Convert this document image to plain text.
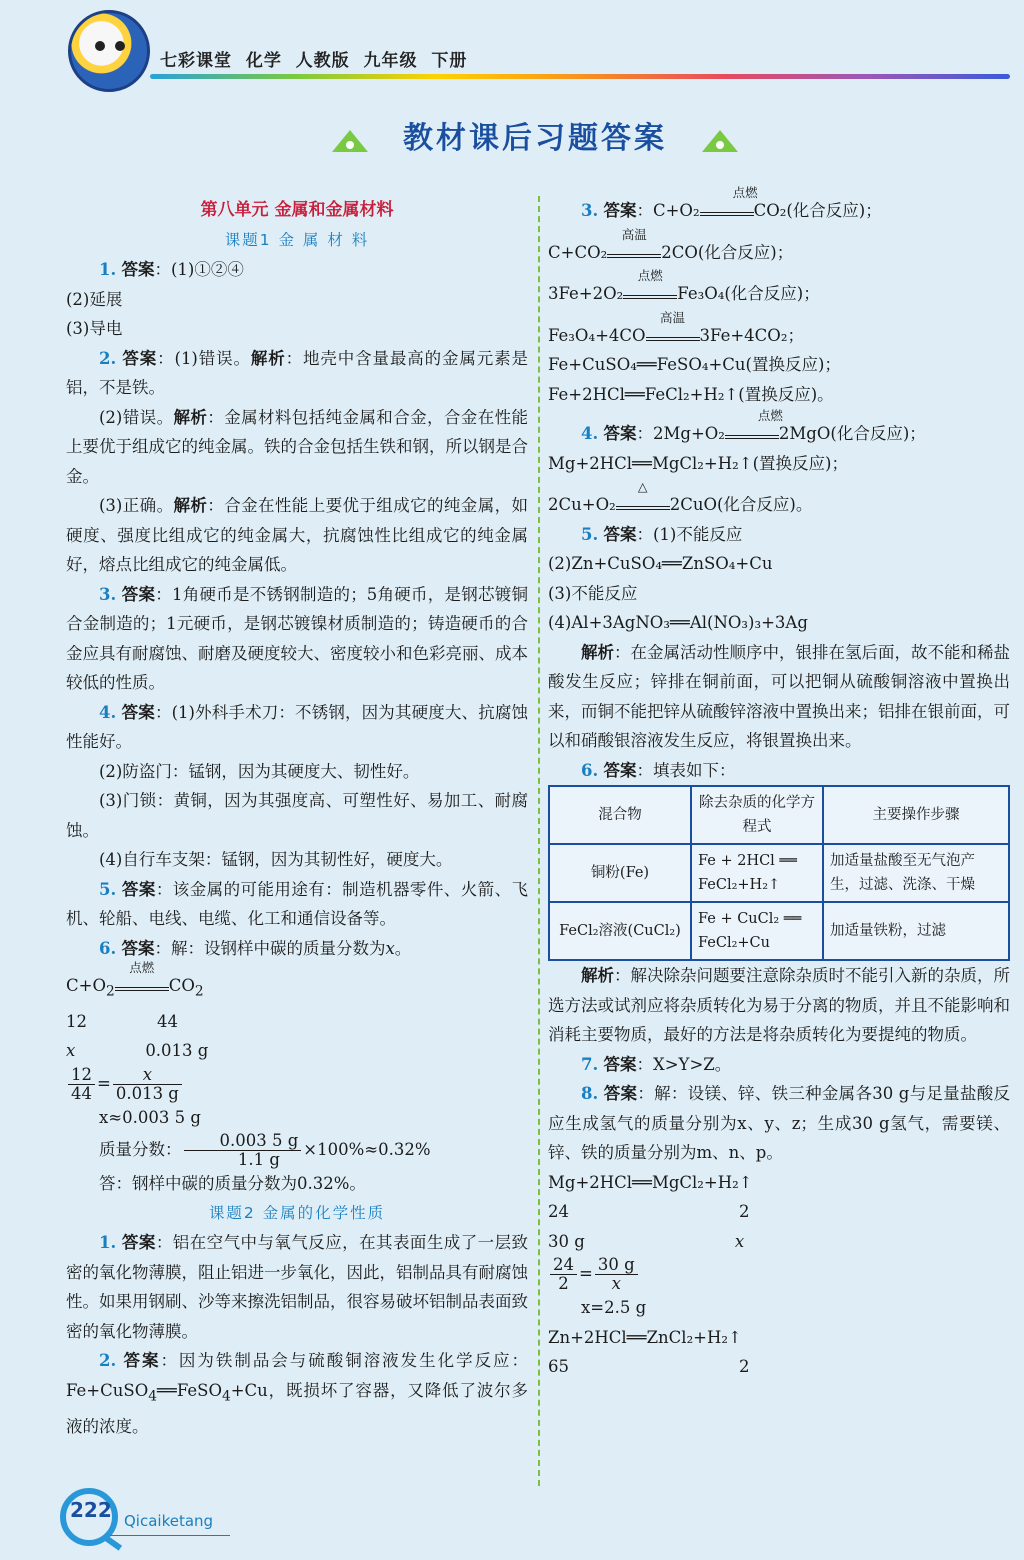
七彩课堂  化学  人教版  九年级  下册
教材课后习题答案

第八单元 金属和金属材料

课题1 金 属 材 料

1. 答案：(1)①②④

(2)延展

(3)导电

2. 答案：(1)错误。解析：地壳中含量最高的金属元素是铝，不是铁。

(2)错误。解析：金属材料包括纯金属和合金，合金在性能上要优于组成它的纯金属。铁的合金包括生铁和钢，所以钢是合金。

(3)正确。解析：合金在性能上要优于组成它的纯金属，如硬度、强度比组成它的纯金属大，抗腐蚀性比组成它的纯金属好，熔点比组成它的纯金属低。

3. 答案：1角硬币是不锈钢制造的；5角硬币，是钢芯镀铜合金制造的；1元硬币，是钢芯镀镍材质制造的；铸造硬币的合金应具有耐腐蚀、耐磨及硬度较大、密度较小和色彩亮丽、成本较低的性质。

4. 答案：(1)外科手术刀：不锈钢，因为其硬度大、抗腐蚀性能好。

(2)防盗门：锰钢，因为其硬度大、韧性好。

(3)门锁：黄铜，因为其强度高、可塑性好、易加工、耐腐蚀。

(4)自行车支架：锰钢，因为其韧性好，硬度大。

5. 答案：该金属的可能用途有：制造机器零件、火箭、飞机、轮船、电线、电缆、化工和通信设备等。

6. 答案：解：设钢样中碳的质量分数为x。

$C+O_2$
点燃
$CO_2$

12	44

x	0.013 g

$\frac{12}{44} = \frac{x}{0.013 g}$

x≈0.003 5 g

质量分数： $\frac{0.003 5 g}{1.1 g} \times 100\%\approx 0.32\%$

答：钢样中碳的质量分数为0.32%。

课题2 金属的化学性质

1. 答案：铝在空气中与氧气反应，在其表面生成了一层致密的氧化物薄膜，阻止铝进一步氧化，因此，铝制品具有耐腐蚀性。如果用钢刷、沙等来擦洗铝制品，很容易破坏铝制品表面致密的氧化物薄膜。

2. 答案：因为铁制品会与硫酸铜溶液发生化学反应：Fe+CuSO$_4$══FeSO$_4$+Cu，既损坏了容器，又降低了波尔多液的浓度。

3. 答案：C+O₂
点燃
CO₂(化合反应)；

C+CO₂
高温
2CO(化合反应)；

3Fe+2O₂
点燃
Fe₃O₄(化合反应)；

Fe₃O₄+4CO
高温
3Fe+4CO₂；

Fe+CuSO₄══FeSO₄+Cu(置换反应)；

Fe+2HCl══FeCl₂+H₂↑(置换反应)。

4. 答案：2Mg+O₂
点燃
2MgO(化合反应)；

Mg+2HCl══MgCl₂+H₂↑(置换反应)；

2Cu+O₂
△
2CuO(化合反应)。

5. 答案：(1)不能反应

(2)Zn+CuSO₄══ZnSO₄+Cu

(3)不能反应

(4)Al+3AgNO₃══Al(NO₃)₃+3Ag

解析：在金属活动性顺序中，银排在氢后面，故不能和稀盐酸发生反应；锌排在铜前面，可以把铜从硫酸铜溶液中置换出来，而铜不能把锌从硫酸锌溶液中置换出来；铝排在银前面，可以和硝酸银溶液发生反应，将银置换出来。

6. 答案：填表如下：

混合物	除去杂质的化学方程式	主要操作步骤
铜粉(Fe)	Fe + 2HCl ══ FeCl₂+H₂↑	加适量盐酸至无气泡产生，过滤、洗涤、干燥
FeCl₂溶液(CuCl₂)	Fe + CuCl₂ ══ FeCl₂+Cu	加适量铁粉，过滤

解析：解决除杂问题要注意除杂质时不能引入新的杂质，所选方法或试剂应将杂质转化为易于分离的物质，并且不能影响和消耗主要物质，最好的方法是将杂质转化为要提纯的物质。

7. 答案：X>Y>Z。

8. 答案：解：设镁、锌、铁三种金属各30 g与足量盐酸反应生成氢气的质量分别为x、y、z；生成30 g氢气，需要镁、锌、铁的质量分别为m、n、p。

Mg+2HCl══MgCl₂+H₂↑

24	2

30 g	x

$\frac{24}{2} = \frac{30 g}{x}$

x=2.5 g

Zn+2HCl══ZnCl₂+H₂↑

65	2

222 Qicaiketang
